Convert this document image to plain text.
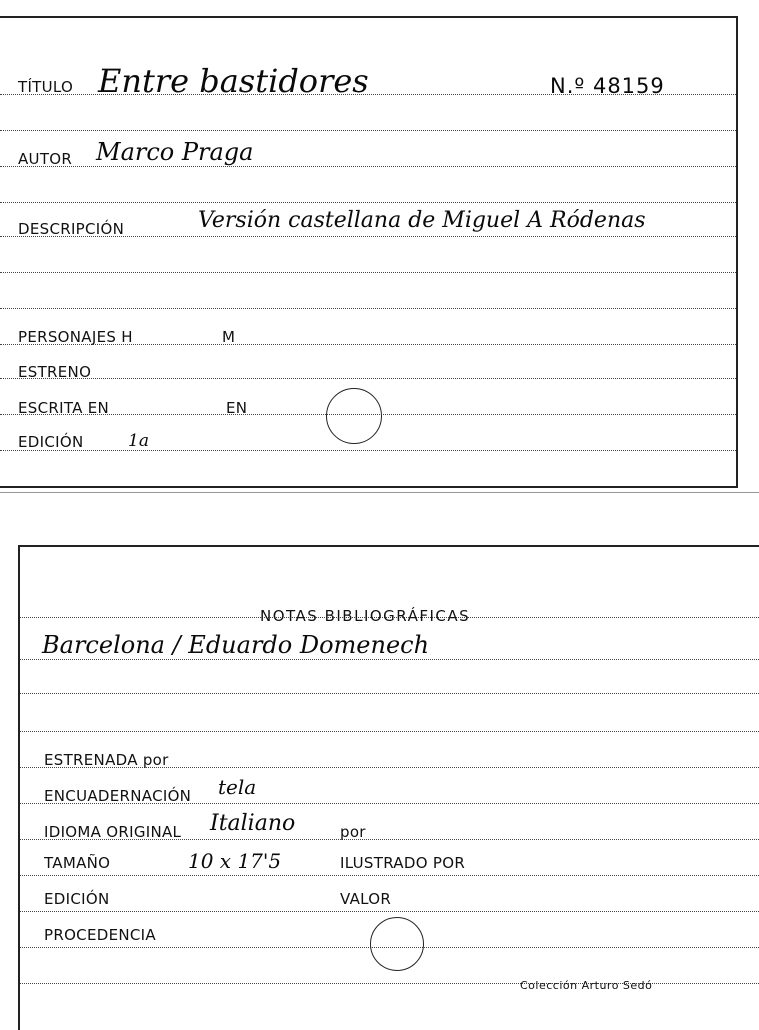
TÍTULO Entre bastidores	N.º 48159
AUTOR Marco Praga
DESCRIPCIÓN	Versión castellana de Miguel A Ródenas
PERSONAJES H	M
ESTRENO
ESCRITA EN	EN
EDICIÓN	1a
NOTAS BIBLIOGRÁFICAS
Barcelona / Eduardo Domenech
ESTRENADA por
ENCUADERNACIÓN tela
IDIOMA ORIGINAL Italiano	por
TAMAÑO	10 x 17'5	ILUSTRADO POR
EDICIÓN	VALOR
PROCEDENCIA
Colección Arturo Sedó
